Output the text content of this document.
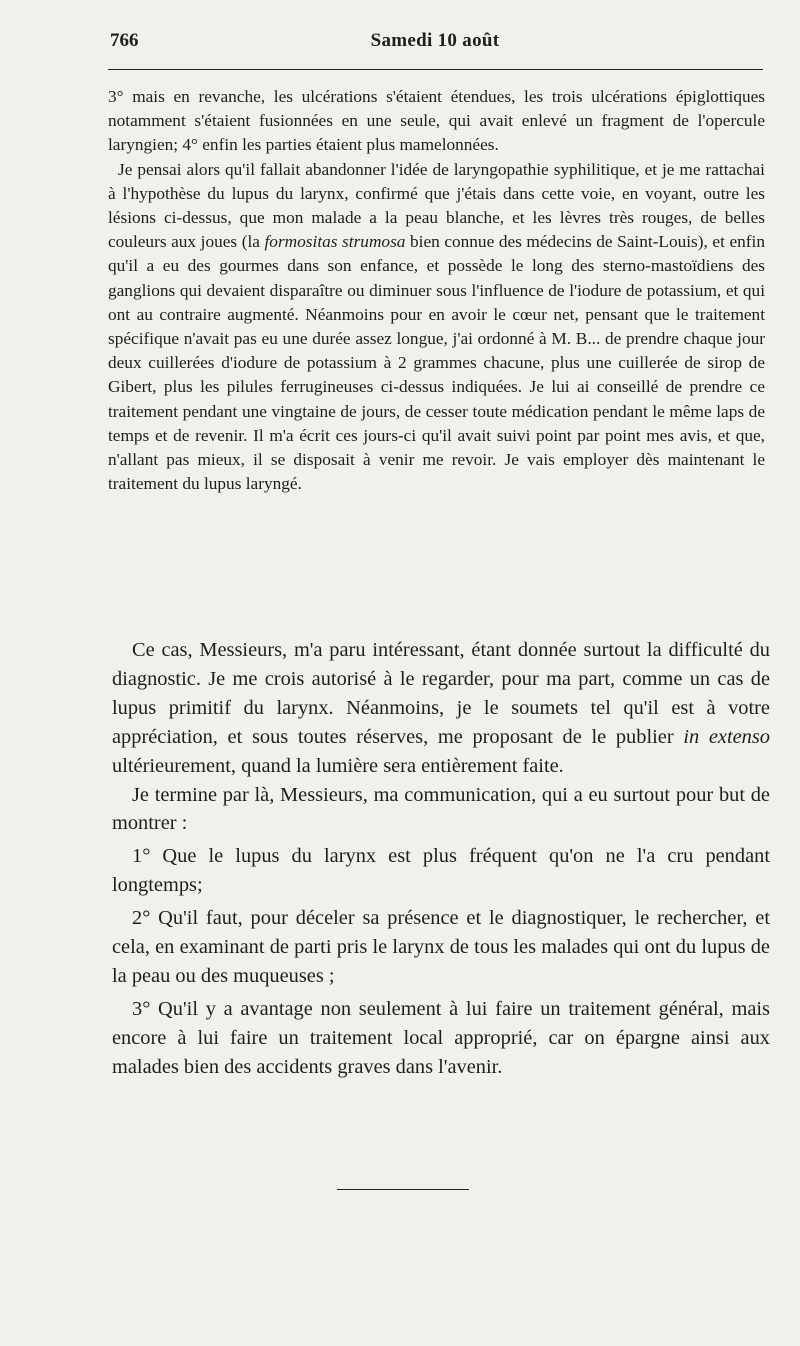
766	Samedi 10 août

3° mais en revanche, les ulcérations s'étaient étendues, les trois ulcérations épiglottiques notamment s'étaient fusionnées en une seule, qui avait enlevé un fragment de l'opercule laryngien; 4° enfin les parties étaient plus mamelonnées.

Je pensai alors qu'il fallait abandonner l'idée de laryngopathie syphilitique, et je me rattachai à l'hypothèse du lupus du larynx, confirmé que j'étais dans cette voie, en voyant, outre les lésions ci-dessus, que mon malade a la peau blanche, et les lèvres très rouges, de belles couleurs aux joues (la formositas strumosa bien connue des médecins de Saint-Louis), et enfin qu'il a eu des gourmes dans son enfance, et possède le long des sterno-mastoïdiens des ganglions qui devaient disparaître ou diminuer sous l'influence de l'iodure de potassium, et qui ont au contraire augmenté. Néanmoins pour en avoir le cœur net, pensant que le traitement spécifique n'avait pas eu une durée assez longue, j'ai ordonné à M. B... de prendre chaque jour deux cuillerées d'iodure de potassium à 2 grammes chacune, plus une cuillerée de sirop de Gibert, plus les pilules ferrugineuses ci-dessus indiquées. Je lui ai conseillé de prendre ce traitement pendant une vingtaine de jours, de cesser toute médication pendant le même laps de temps et de revenir. Il m'a écrit ces jours-ci qu'il avait suivi point par point mes avis, et que, n'allant pas mieux, il se disposait à venir me revoir. Je vais employer dès maintenant le traitement du lupus laryngé.

Ce cas, Messieurs, m'a paru intéressant, étant donnée surtout la difficulté du diagnostic. Je me crois autorisé à le regarder, pour ma part, comme un cas de lupus primitif du larynx. Néanmoins, je le soumets tel qu'il est à votre appréciation, et sous toutes réserves, me proposant de le publier in extenso ultérieurement, quand la lumière sera entièrement faite.

Je termine par là, Messieurs, ma communication, qui a eu surtout pour but de montrer :

1° Que le lupus du larynx est plus fréquent qu'on ne l'a cru pendant longtemps;

2° Qu'il faut, pour déceler sa présence et le diagnostiquer, le rechercher, et cela, en examinant de parti pris le larynx de tous les malades qui ont du lupus de la peau ou des muqueuses ;

3° Qu'il y a avantage non seulement à lui faire un traitement général, mais encore à lui faire un traitement local approprié, car on épargne ainsi aux malades bien des accidents graves dans l'avenir.
